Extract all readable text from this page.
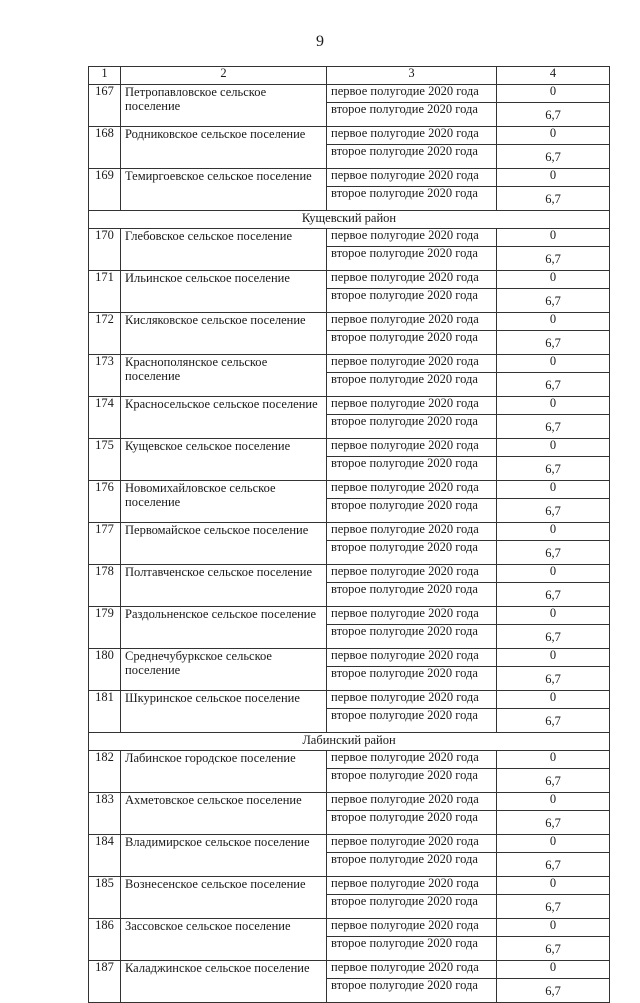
9
1	2	3	4
167	Петропавловское сельское поселение	первое полугодие 2020 года	0
		второе полугодие 2020 года	6,7
168	Родниковское сельское поселение	первое полугодие 2020 года	0
		второе полугодие 2020 года	6,7
169	Темиргоевское сельское поселение	первое полугодие 2020 года	0
		второе полугодие 2020 года	6,7
Кущевский район			
170	Глебовское сельское поселение	первое полугодие 2020 года	0
		второе полугодие 2020 года	6,7
171	Ильинское сельское поселение	первое полугодие 2020 года	0
		второе полугодие 2020 года	6,7
172	Кисляковское сельское поселение	первое полугодие 2020 года	0
		второе полугодие 2020 года	6,7
173	Краснополянское сельское поселение	первое полугодие 2020 года	0
		второе полугодие 2020 года	6,7
174	Красносельское сельское поселение	первое полугодие 2020 года	0
		второе полугодие 2020 года	6,7
175	Кущевское сельское поселение	первое полугодие 2020 года	0
		второе полугодие 2020 года	6,7
176	Новомихайловское сельское поселение	первое полугодие 2020 года	0
		второе полугодие 2020 года	6,7
177	Первомайское сельское поселение	первое полугодие 2020 года	0
		второе полугодие 2020 года	6,7
178	Полтавченское сельское поселение	первое полугодие 2020 года	0
		второе полугодие 2020 года	6,7
179	Раздольненское сельское поселение	первое полугодие 2020 года	0
		второе полугодие 2020 года	6,7
180	Среднечубуркское сельское поселение	первое полугодие 2020 года	0
		второе полугодие 2020 года	6,7
181	Шкуринское сельское поселение	первое полугодие 2020 года	0
		второе полугодие 2020 года	6,7
Лабинский район			
182	Лабинское городское поселение	первое полугодие 2020 года	0
		второе полугодие 2020 года	6,7
183	Ахметовское сельское поселение	первое полугодие 2020 года	0
		второе полугодие 2020 года	6,7
184	Владимирское сельское поселение	первое полугодие 2020 года	0
		второе полугодие 2020 года	6,7
185	Вознесенское сельское поселение	первое полугодие 2020 года	0
		второе полугодие 2020 года	6,7
186	Зассовское сельское поселение	первое полугодие 2020 года	0
		второе полугодие 2020 года	6,7
187	Каладжинское сельское поселение	первое полугодие 2020 года	0
		второе полугодие 2020 года	6,7
